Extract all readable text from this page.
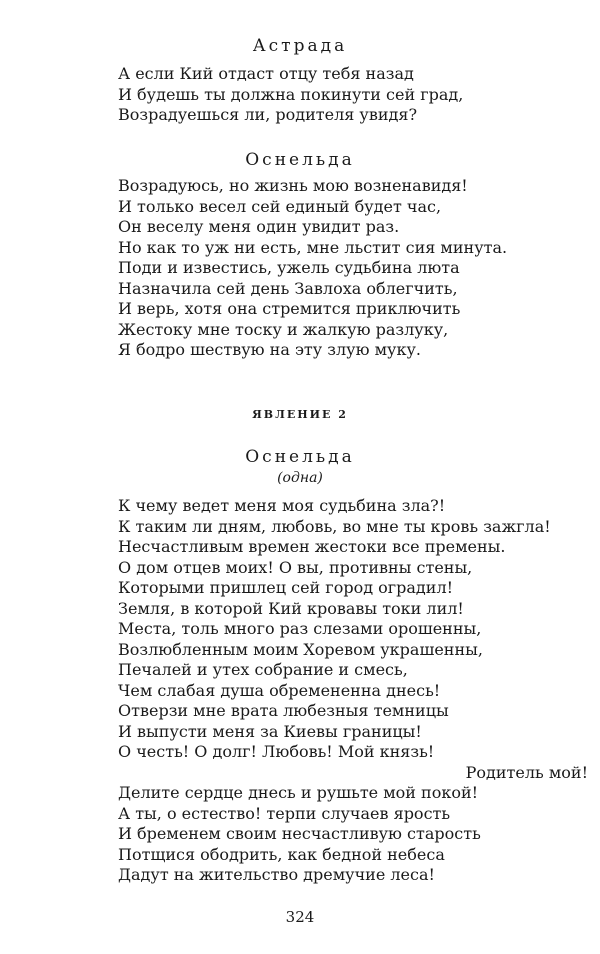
Астрада

А если Кий отдаст отцу тебя назад
И будешь ты должна покинути сей град,
Возрадуешься ли, родителя увидя?

Оснельда

Возрадуюсь, но жизнь мою возненавидя!
И только весел сей единый будет час,
Он веселу меня один увидит раз.
Но как то уж ни есть, мне льстит сия минута.
Поди и известись, ужель судьбина люта
Назначила сей день Завлоха облегчить,
И верь, хотя она стремится приключить
Жестоку мне тоску и жалкую разлуку,
Я бодро шествую на эту злую муку.

ЯВЛЕНИЕ 2

Оснельда

(одна)

К чему ведет меня моя судьбина зла?!
К таким ли дням, любовь, во мне ты кровь зажгла!
Несчастливым времен жестоки все премены.
О дом отцев моих! О вы, противны стены,
Которыми пришлец сей город оградил!
Земля, в которой Кий кровавы токи лил!
Места, толь много раз слезами орошенны,
Возлюбленным моим Хоревом украшенны,
Печалей и утех собрание и смесь,
Чем слабая душа обремененна днесь!
Отверзи мне врата любезныя темницы
И выпусти меня за Киевы границы!
О честь! О долг! Любовь! Мой князь!
Родитель мой!
Делите сердце днесь и рушьте мой покой!
А ты, о естество! терпи случаев ярость
И бременем своим несчастливую старость
Потщися ободрить, как бедной небеса
Дадут на жительство дремучие леса!

324
